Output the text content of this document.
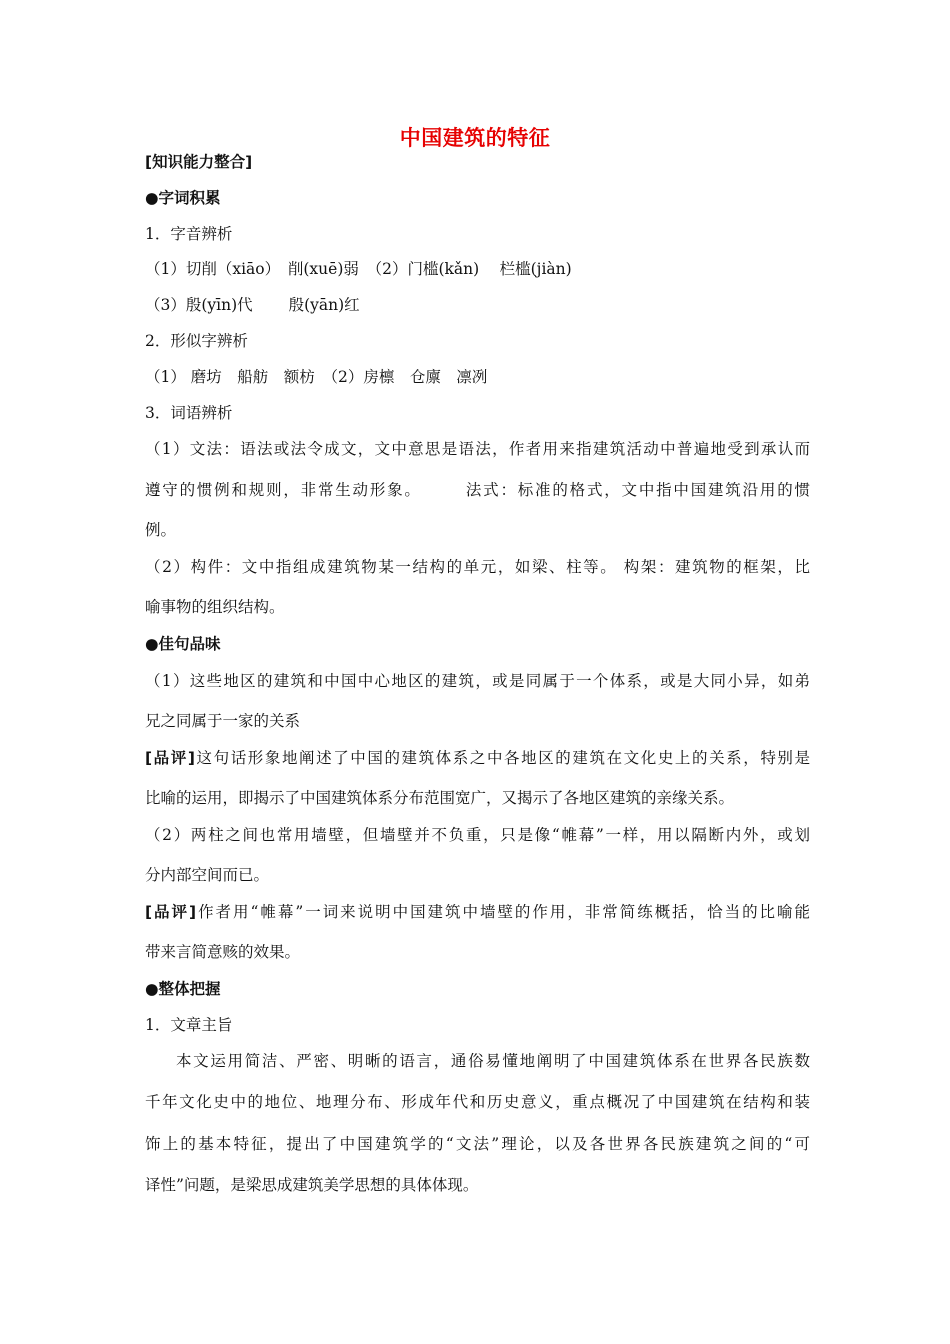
中国建筑的特征
[知识能力整合]
●字词积累
1．字音辨析
（1）切削（xiāo）　削(xuē)弱　（2）门槛(kǎn)　 栏槛(jiàn)
（3）殷(yīn)代　　 殷(yān)红
2．形似字辨析
（1） 磨坊　船舫　额枋　（2）房檩　仓廪　凛冽
3．词语辨析
（1）文法：语法或法令成文，文中意思是语法，作者用来指建筑活动中普遍地受到承认而
遵守的惯例和规则，非常生动形象。　　　法式：标准的格式，文中指中国建筑沿用的惯
例。
（2）构件：文中指组成建筑物某一结构的单元，如梁、柱等。 构架：建筑物的框架，比
喻事物的组织结构。
●佳句品味
（1）这些地区的建筑和中国中心地区的建筑，或是同属于一个体系，或是大同小异，如弟
兄之同属于一家的关系
[品评]这句话形象地阐述了中国的建筑体系之中各地区的建筑在文化史上的关系，特别是
比喻的运用，即揭示了中国建筑体系分布范围宽广，又揭示了各地区建筑的亲缘关系。
（2）两柱之间也常用墙壁，但墙壁并不负重，只是像“帷幕”一样，用以隔断内外，或划
分内部空间而已。
[品评]作者用“帷幕”一词来说明中国建筑中墙壁的作用，非常简练概括，恰当的比喻能
带来言简意赅的效果。
●整体把握
1．文章主旨
本文运用简洁、严密、明晰的语言，通俗易懂地阐明了中国建筑体系在世界各民族数
千年文化史中的地位、地理分布、形成年代和历史意义，重点概况了中国建筑在结构和装
饰上的基本特征，提出了中国建筑学的“文法”理论，以及各世界各民族建筑之间的“可
译性”问题，是梁思成建筑美学思想的具体体现。
